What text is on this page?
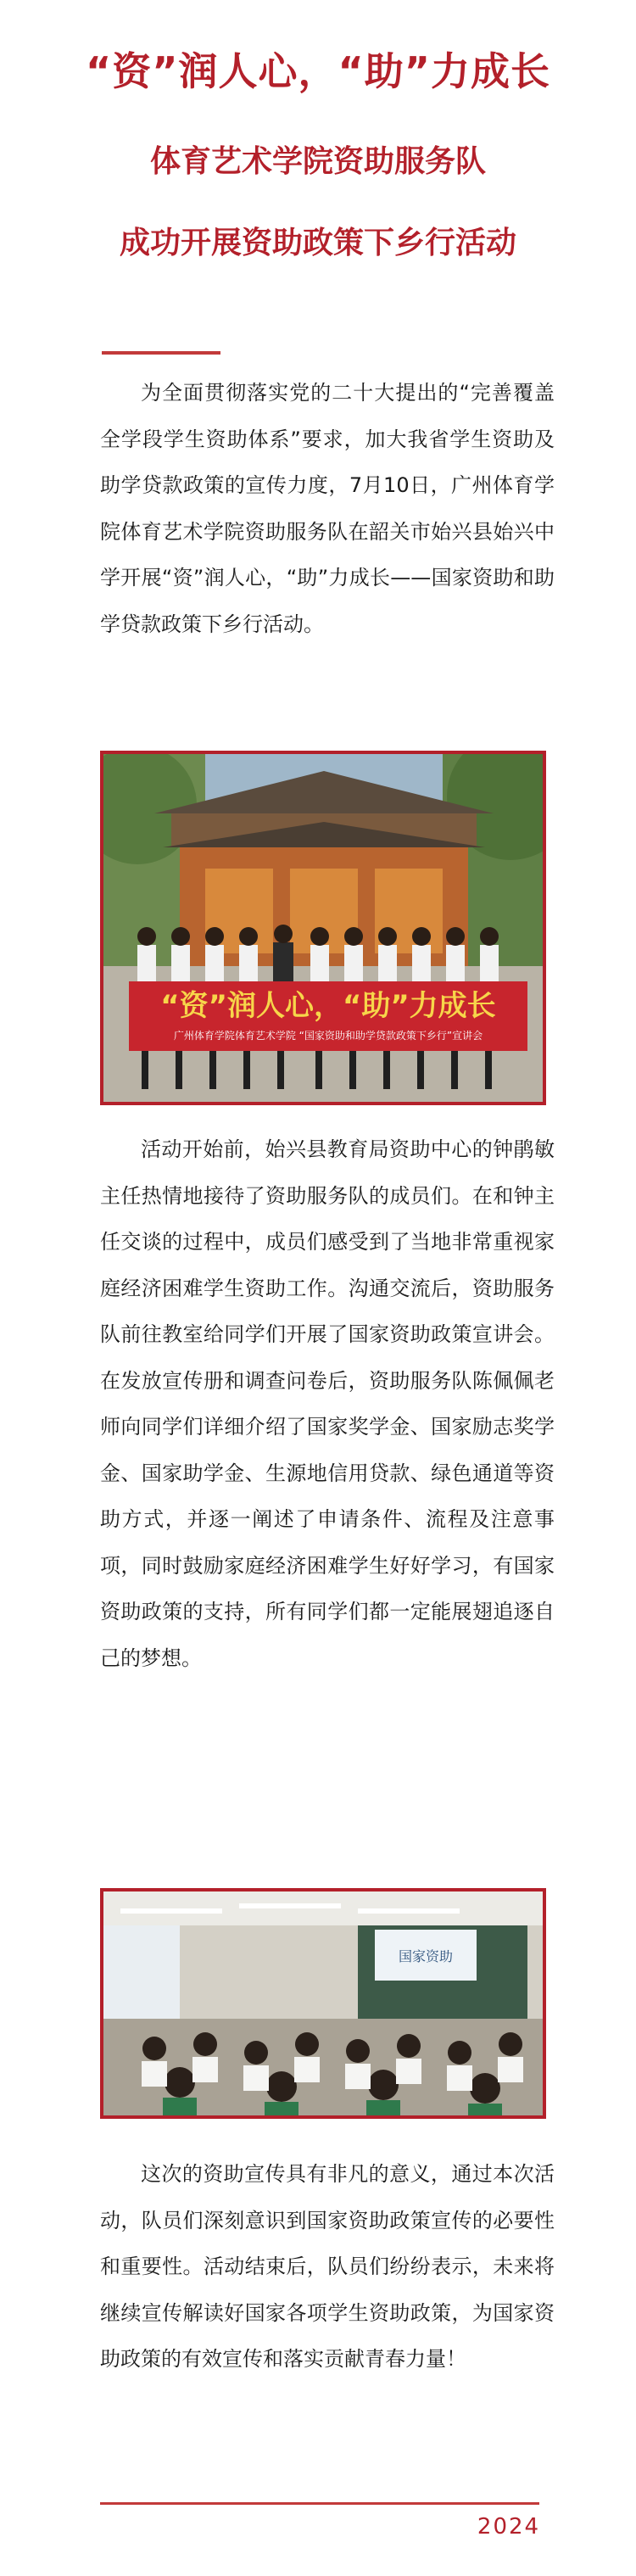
“资”润人心，“助”力成长
体育艺术学院资助服务队
成功开展资助政策下乡行活动

为全面贯彻落实党的二十大提出的“完善覆盖全学段学生资助体系”要求，加大我省学生资助及助学贷款政策的宣传力度，7月10日，广州体育学院体育艺术学院资助服务队在韶关市始兴县始兴中学开展“资”润人心，“助”力成长——国家资助和助学贷款政策下乡行活动。

“资”润人心，“助”力成长
广州体育学院体育艺术学院 “国家资助和助学贷款政策下乡行”宣讲会

活动开始前，始兴县教育局资助中心的钟鹃敏主任热情地接待了资助服务队的成员们。在和钟主任交谈的过程中，成员们感受到了当地非常重视家庭经济困难学生资助工作。沟通交流后，资助服务队前往教室给同学们开展了国家资助政策宣讲会。在发放宣传册和调查问卷后，资助服务队陈佩佩老师向同学们详细介绍了国家奖学金、国家励志奖学金、国家助学金、生源地信用贷款、绿色通道等资助方式，并逐一阐述了申请条件、流程及注意事项，同时鼓励家庭经济困难学生好好学习，有国家资助政策的支持，所有同学们都一定能展翅追逐自己的梦想。

国家资助

这次的资助宣传具有非凡的意义，通过本次活动，队员们深刻意识到国家资助政策宣传的必要性和重要性。活动结束后，队员们纷纷表示，未来将继续宣传解读好国家各项学生资助政策，为国家资助政策的有效宣传和落实贡献青春力量！

2024
